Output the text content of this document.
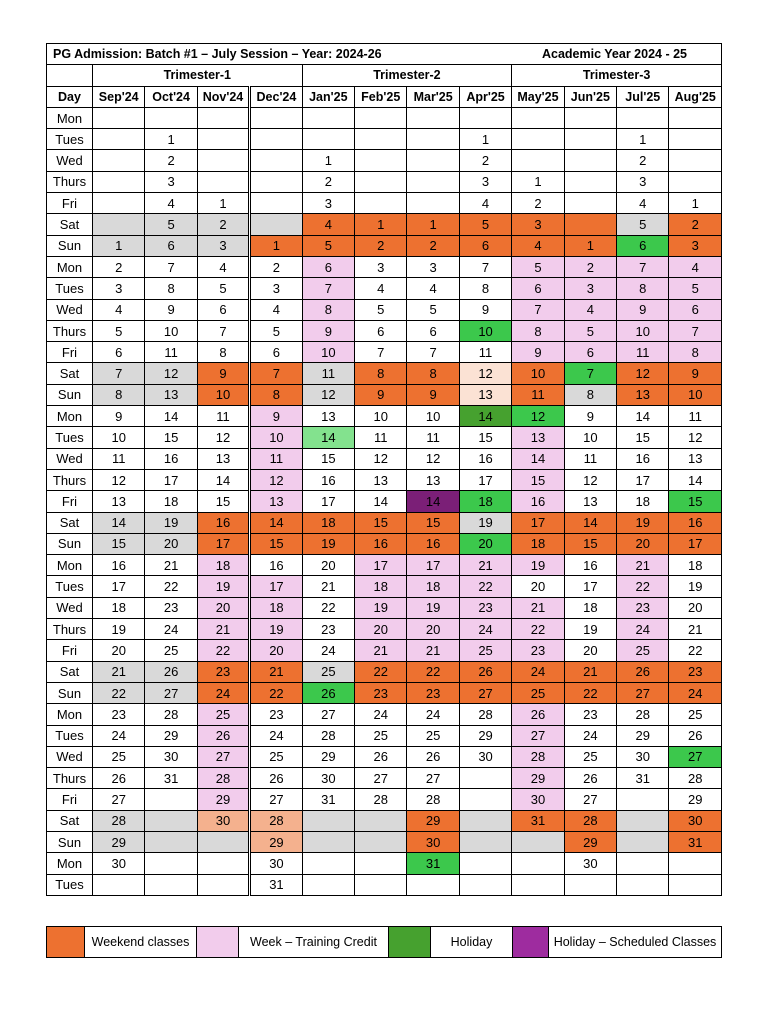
PG Admission: Batch #1 – July Session – Year: 2024-26									Academic Year 2024 - 25			
	Trimester-1				Trimester-2				Trimester-3			
Day	Sep'24	Oct'24	Nov'24	Dec'24	Jan'25	Feb'25	Mar'25	Apr'25	May'25	Jun'25	Jul'25	Aug'25
Mon												
Tues		1						1			1	
Wed		2			1			2			2	
Thurs		3			2			3	1		3	
Fri		4	1		3			4	2		4	1
Sat		5	2		4	1	1	5	3		5	2
Sun	1	6	3	1	5	2	2	6	4	1	6	3
Mon	2	7	4	2	6	3	3	7	5	2	7	4
Tues	3	8	5	3	7	4	4	8	6	3	8	5
Wed	4	9	6	4	8	5	5	9	7	4	9	6
Thurs	5	10	7	5	9	6	6	10	8	5	10	7
Fri	6	11	8	6	10	7	7	11	9	6	11	8
Sat	7	12	9	7	11	8	8	12	10	7	12	9
Sun	8	13	10	8	12	9	9	13	11	8	13	10
Mon	9	14	11	9	13	10	10	14	12	9	14	11
Tues	10	15	12	10	14	11	11	15	13	10	15	12
Wed	11	16	13	11	15	12	12	16	14	11	16	13
Thurs	12	17	14	12	16	13	13	17	15	12	17	14
Fri	13	18	15	13	17	14	14	18	16	13	18	15
Sat	14	19	16	14	18	15	15	19	17	14	19	16
Sun	15	20	17	15	19	16	16	20	18	15	20	17
Mon	16	21	18	16	20	17	17	21	19	16	21	18
Tues	17	22	19	17	21	18	18	22	20	17	22	19
Wed	18	23	20	18	22	19	19	23	21	18	23	20
Thurs	19	24	21	19	23	20	20	24	22	19	24	21
Fri	20	25	22	20	24	21	21	25	23	20	25	22
Sat	21	26	23	21	25	22	22	26	24	21	26	23
Sun	22	27	24	22	26	23	23	27	25	22	27	24
Mon	23	28	25	23	27	24	24	28	26	23	28	25
Tues	24	29	26	24	28	25	25	29	27	24	29	26
Wed	25	30	27	25	29	26	26	30	28	25	30	27
Thurs	26	31	28	26	30	27	27		29	26	31	28
Fri	27		29	27	31	28	28		30	27		29
Sat	28		30	28			29		31	28		30
Sun	29			29			30			29		31
Mon	30			30			31			30		
Tues				31								
	Weekend classes		Week – Training Credit		Holiday		Holiday – Scheduled Classes
